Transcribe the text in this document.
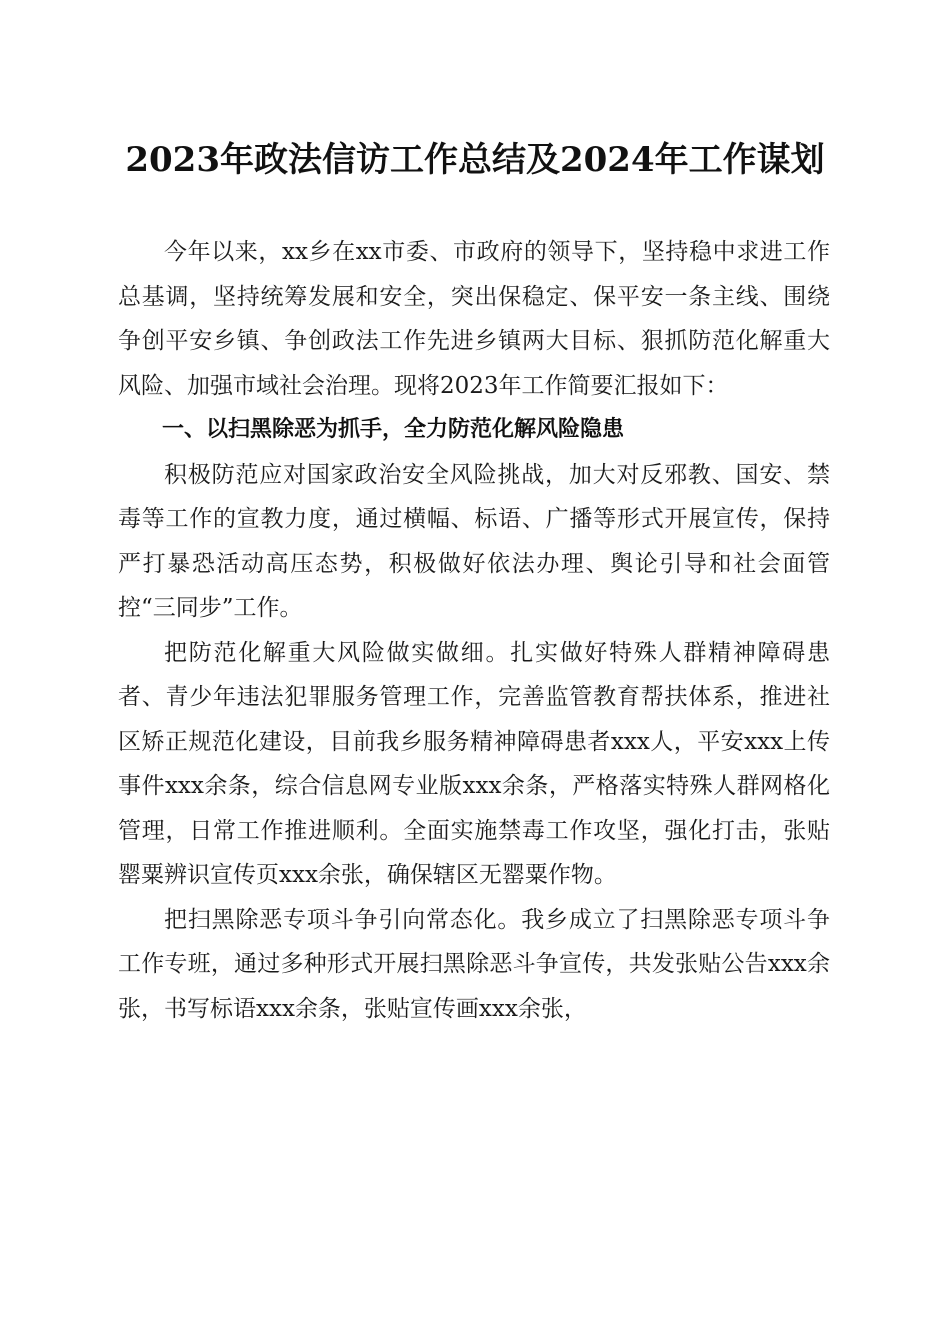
2023年政法信访工作总结及2024年工作谋划

今年以来，xx乡在xx市委、市政府的领导下，坚持稳中求进工作总基调，坚持统筹发展和安全，突出保稳定、保平安一条主线、围绕争创平安乡镇、争创政法工作先进乡镇两大目标、狠抓防范化解重大风险、加强市域社会治理。现将2023年工作简要汇报如下：

一、以扫黑除恶为抓手，全力防范化解风险隐患

积极防范应对国家政治安全风险挑战，加大对反邪教、国安、禁毒等工作的宣教力度，通过横幅、标语、广播等形式开展宣传，保持严打暴恐活动高压态势，积极做好依法办理、舆论引导和社会面管控“三同步”工作。

把防范化解重大风险做实做细。扎实做好特殊人群精神障碍患者、青少年违法犯罪服务管理工作，完善监管教育帮扶体系，推进社区矫正规范化建设，目前我乡服务精神障碍患者xxx人，平安xxx上传事件xxx余条，综合信息网专业版xxx余条，严格落实特殊人群网格化管理，日常工作推进顺利。全面实施禁毒工作攻坚，强化打击，张贴罂粟辨识宣传页xxx余张，确保辖区无罂粟作物。

把扫黑除恶专项斗争引向常态化。我乡成立了扫黑除恶专项斗争工作专班，通过多种形式开展扫黑除恶斗争宣传，共发张贴公告xxx余张，书写标语xxx余条，张贴宣传画xxx余张，
